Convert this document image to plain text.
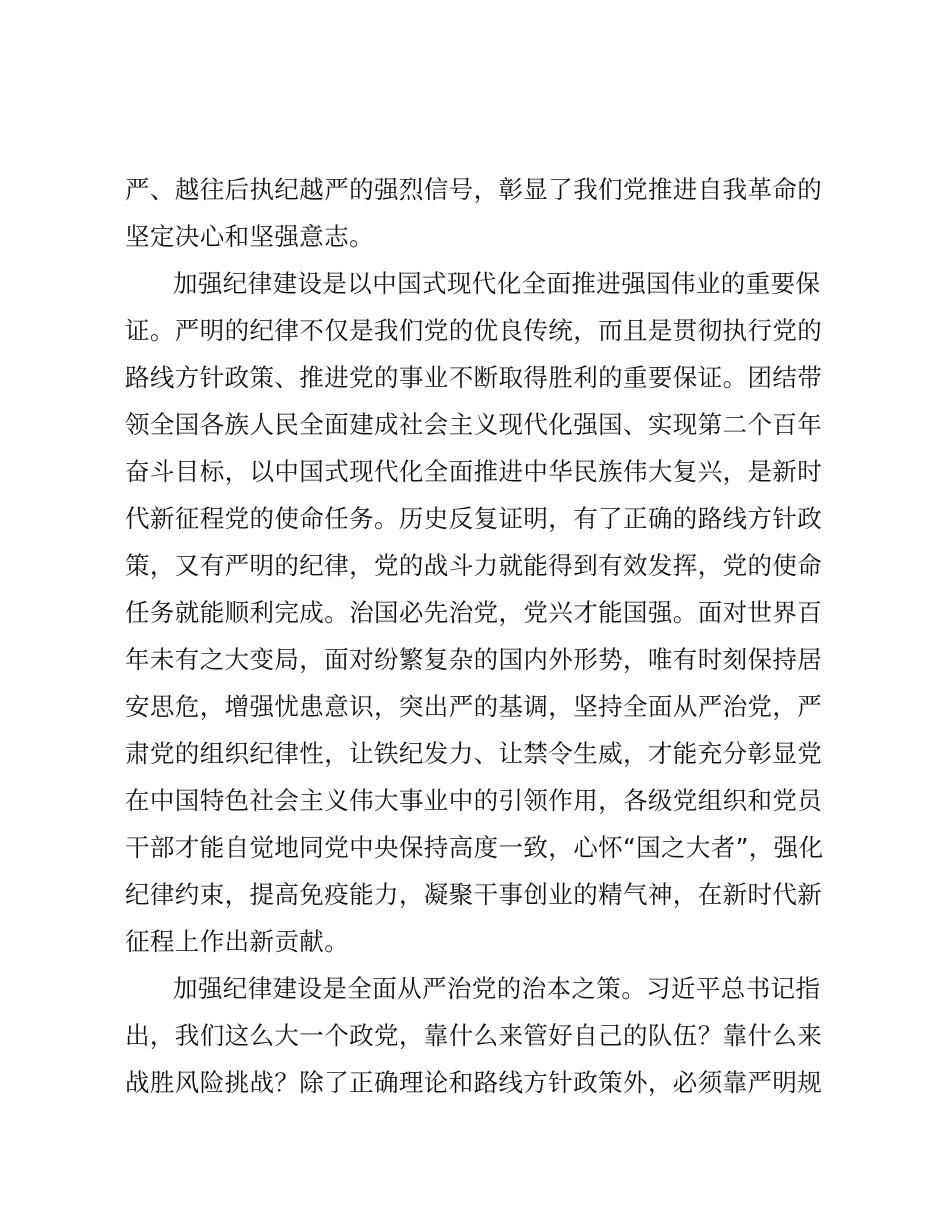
严、越往后执纪越严的强烈信号，彰显了我们党推进自我革命的
坚定决心和坚强意志。
加强纪律建设是以中国式现代化全面推进强国伟业的重要保
证。严明的纪律不仅是我们党的优良传统，而且是贯彻执行党的
路线方针政策、推进党的事业不断取得胜利的重要保证。团结带
领全国各族人民全面建成社会主义现代化强国、实现第二个百年
奋斗目标，以中国式现代化全面推进中华民族伟大复兴，是新时
代新征程党的使命任务。历史反复证明，有了正确的路线方针政
策，又有严明的纪律，党的战斗力就能得到有效发挥，党的使命
任务就能顺利完成。治国必先治党，党兴才能国强。面对世界百
年未有之大变局，面对纷繁复杂的国内外形势，唯有时刻保持居
安思危，增强忧患意识，突出严的基调，坚持全面从严治党，严
肃党的组织纪律性，让铁纪发力、让禁令生威，才能充分彰显党
在中国特色社会主义伟大事业中的引领作用，各级党组织和党员
干部才能自觉地同党中央保持高度一致，心怀“国之大者”，强化
纪律约束，提高免疫能力，凝聚干事创业的精气神，在新时代新
征程上作出新贡献。
加强纪律建设是全面从严治党的治本之策。习近平总书记指
出，我们这么大一个政党，靠什么来管好自己的队伍？靠什么来
战胜风险挑战？除了正确理论和路线方针政策外，必须靠严明规
